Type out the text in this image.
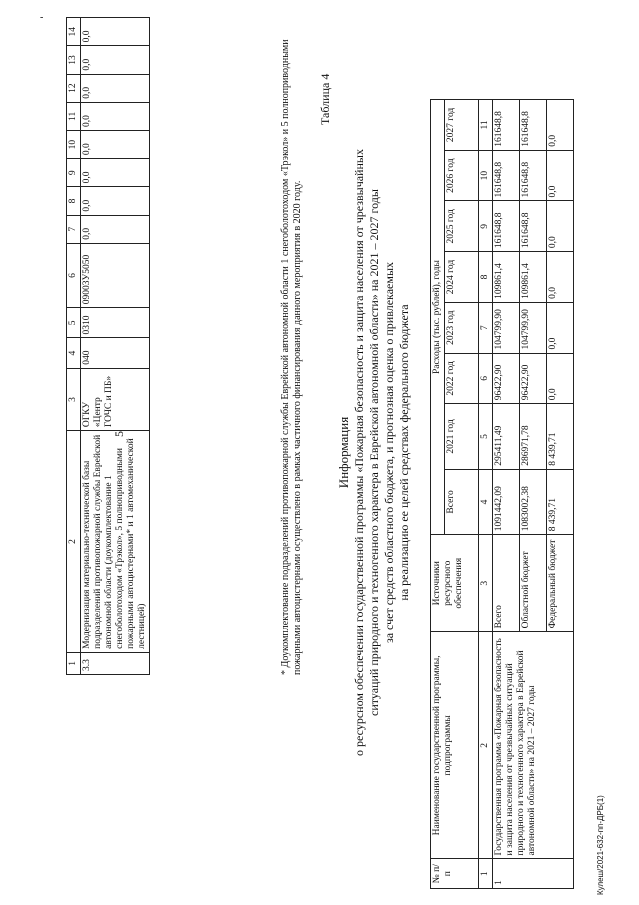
-	-
Кулеш/2021-632-пп-ДРБ(1)
5
1	2	3	4	5	6	7	8	9	10	11	12	13	14
3.3	Модернизация материально-технической базы подразделений противопожарной службы Еврейской автономной области (доукомплектование 1 снегоболотоходом «Трэкол», 5 полноприводными пожарными автоцистернами* и 1 автомеханической лестницей)	ОГКУ «Центр ГОЧС и ПБ»	040	0310	09003У5050	0,0	0,0	0,0	0,0	0,0	0,0	0,0	0,0
* Доукомплектование подразделений противопожарной службы Еврейской автономной области 1 снегоболотоходом «Трэкол» и 5 полноприводными пожарными автоцистернами осуществлено в рамках частичного финансирования данного мероприятия в 2020 году.
Таблица 4
Информация о ресурсном обеспечении государственной программы «Пожарная безопасность и защита населения от чрезвычайных ситуаций природного и техногенного характера в Еврейской автономной области» на 2021 – 2027 годы за счет средств областного бюджета, и прогнозная оценка о привлекаемых на реализацию ее целей средствах федерального бюджета
№ п/ п	Наименование государственной программы, подпрограммы	Источники ресурсного обеспечения	Расходы (тыс. рублей), годы							
			Всего	2021 год	2022 год	2023 год	2024 год	2025 год	2026 год	2027 год
1	2	3	4	5	6	7	8	9	10	11
1	Государственная программа «Пожарная безопасность и защита населения от чрезвычайных ситуаций природного и техногенного характера в Еврейской автономной области» на 2021 – 2027 годы	Всего	1091442,09	295411,49	96422,90	104799,90	109861,4	161648,8	161648,8	161648,8
		Областной бюджет	1083002,38	286971,78	96422,90	104799,90	109861,4	161648,8	161648,8	161648,8
		Федеральный бюджет	8 439,71	8 439,71	0,0	0,0	0,0	0,0	0,0	0,0
